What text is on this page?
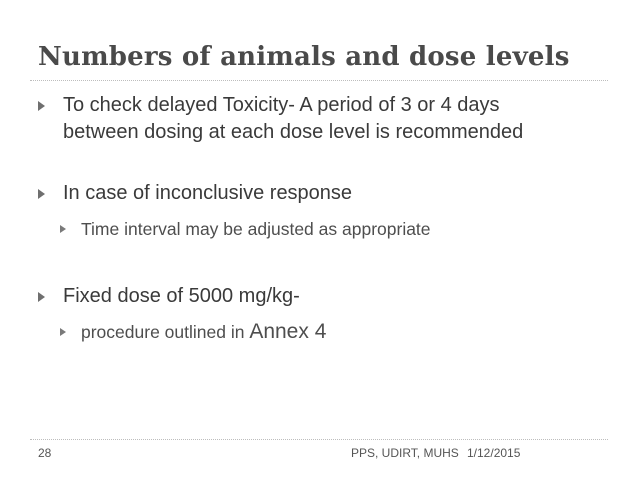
Numbers of animals and dose levels
To check delayed Toxicity- A period of 3 or 4 days
between dosing at each dose level is recommended
In case of inconclusive response
Time interval may be adjusted as appropriate
Fixed dose of 5000 mg/kg-
procedure outlined in Annex 4
28	PPS, UDIRT, MUHS 1/12/2015
